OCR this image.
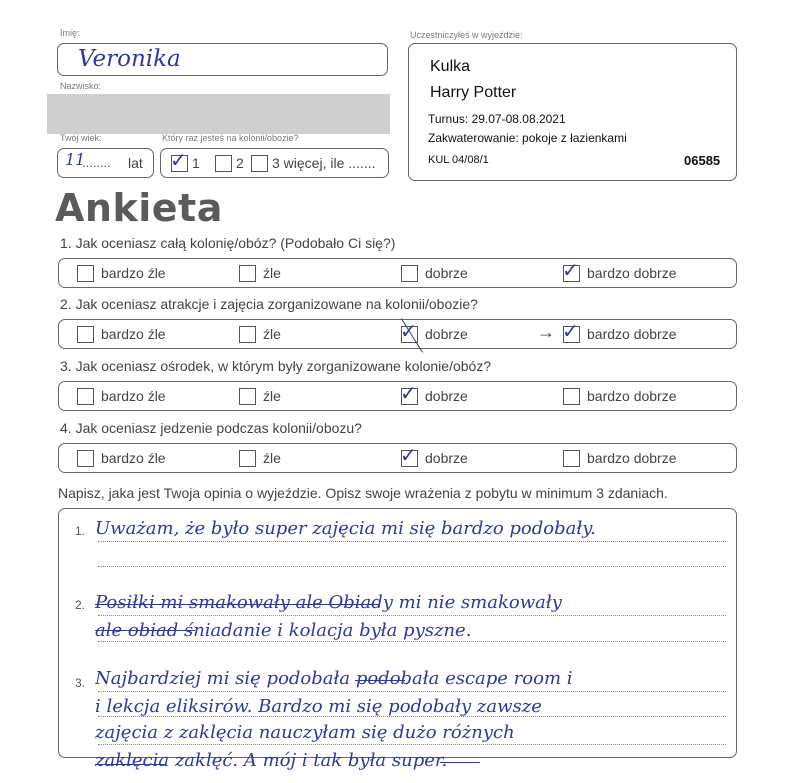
Imię:
Veronika
Nazwisko:
Twój wiek:
11
........ lat
Który raz jesteś na kolonii/obozie?
✓ 1	2 3 więcej, ile .......
Uczestniczyłeś w wyjeździe:
Kulka
Harry Potter
Turnus: 29.07-08.08.2021
Zakwaterowanie: pokoje z łazienkami
KUL 04/08/1	06585
Ankieta
1. Jak oceniasz całą kolonię/obóz? (Podobało Ci się?)
bardzo źle	źle	dobrze	✓ bardzo dobrze
2. Jak oceniasz atrakcje i zajęcia zorganizowane na kolonii/obozie?
bardzo źle	źle	✓ dobrze	→ ✓ bardzo dobrze
3. Jak oceniasz ośrodek, w którym były zorganizowane kolonie/obóz?
bardzo źle	źle	✓ dobrze	bardzo dobrze
4. Jak oceniasz jedzenie podczas kolonii/obozu?
bardzo źle	źle	✓ dobrze	bardzo dobrze
Napisz, jaka jest Twoja opinia o wyjeździe. Opisz swoje wrażenia z pobytu w minimum 3 zdaniach.
1. Uważam, że było super zajęcia mi się bardzo podobały.
2. Posiłki mi smakowały ale Obiady mi nie smakowały
ale obiad śniadanie i kolacja była pyszne.
3. Najbardziej mi się podobała podobała escape room i
i lekcja eliksirów. Bardzo mi się podobały zawsze
zajęcia z zaklęcia nauczyłam się dużo różnych
zaklęcia zaklęć. A mój i tak była super.
